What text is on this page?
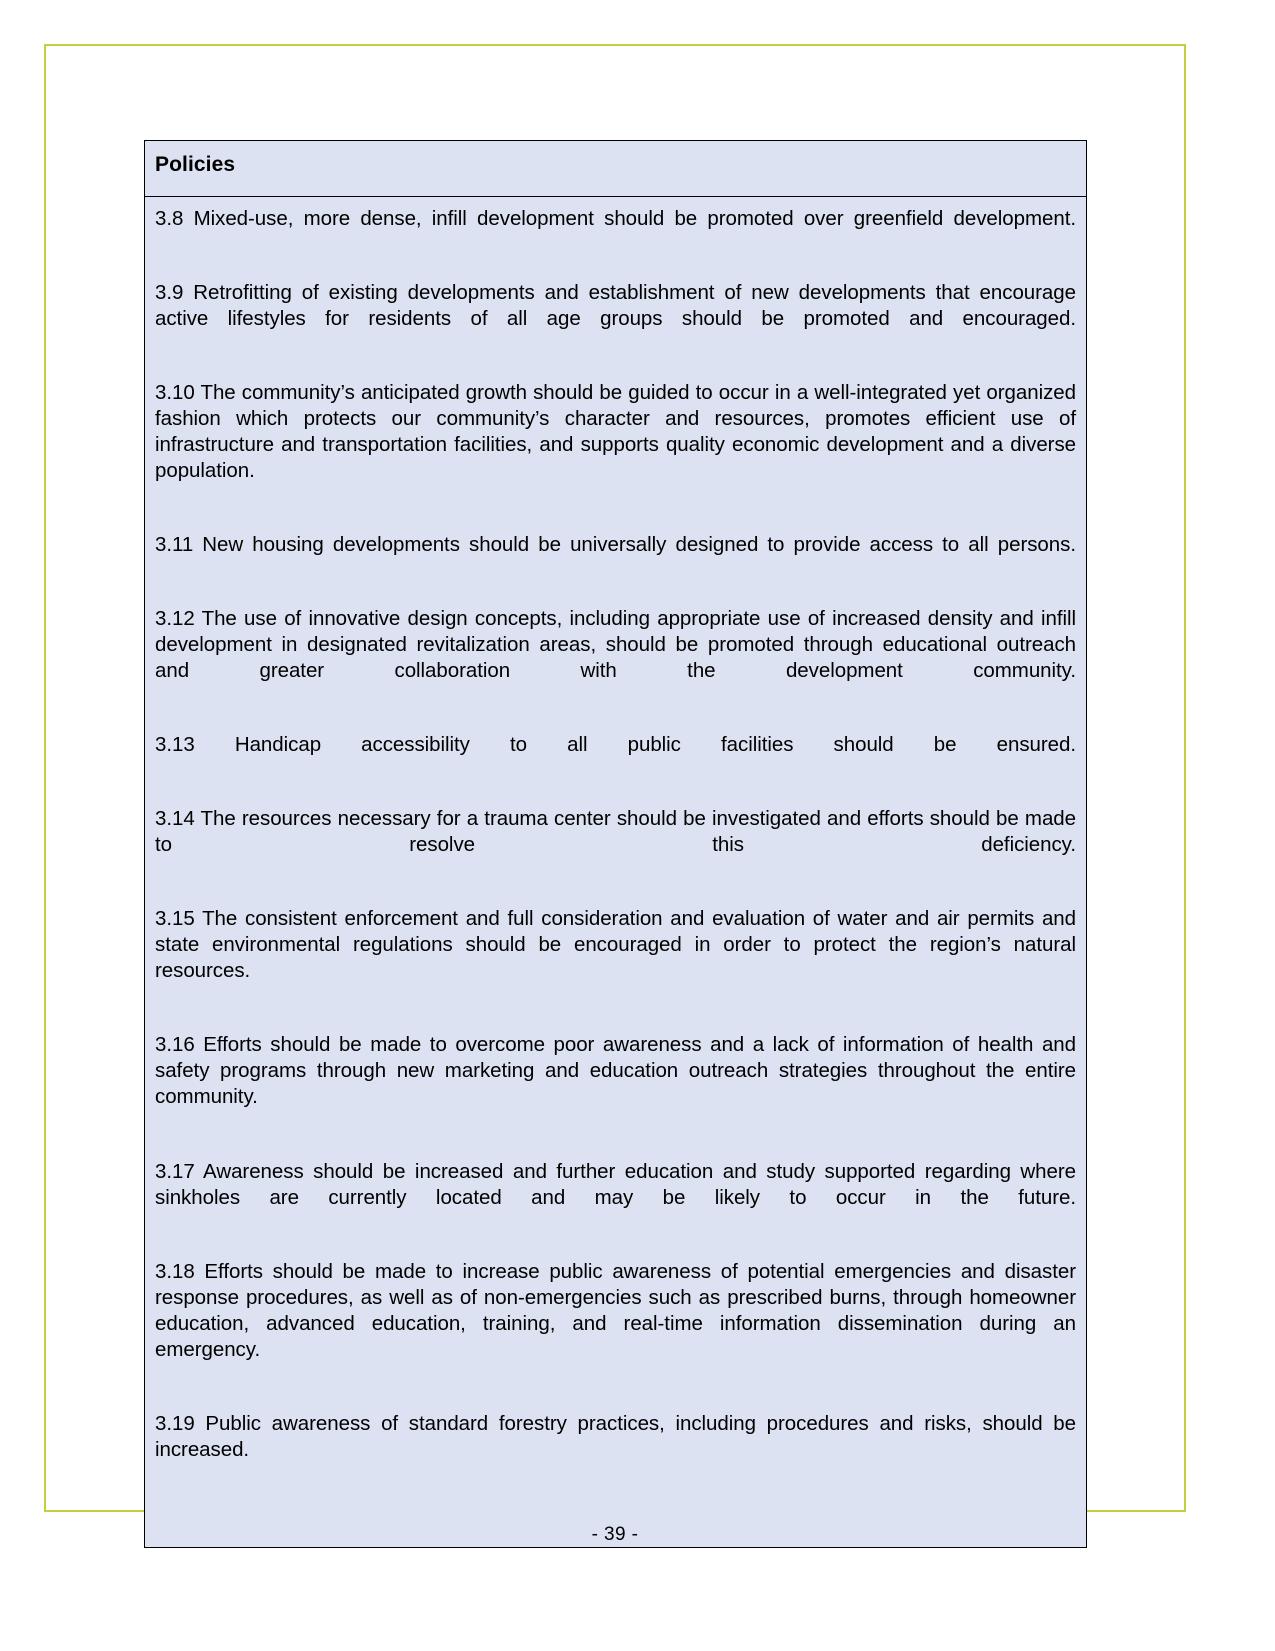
Policies

3.8 Mixed-use, more dense, infill development should be promoted over greenfield development.

3.9 Retrofitting of existing developments and establishment of new developments that encourage active lifestyles for residents of all age groups should be promoted and encouraged.

3.10 The community’s anticipated growth should be guided to occur in a well-integrated yet organized fashion which protects our community’s character and resources, promotes efficient use of infrastructure and transportation facilities, and supports quality economic development and a diverse population.

3.11 New housing developments should be universally designed to provide access to all persons.

3.12 The use of innovative design concepts, including appropriate use of increased density and infill development in designated revitalization areas, should be promoted through educational outreach and greater collaboration with the development community.

3.13 Handicap accessibility to all public facilities should be ensured.

3.14 The resources necessary for a trauma center should be investigated and efforts should be made to resolve this deficiency.

3.15 The consistent enforcement and full consideration and evaluation of water and air permits and state environmental regulations should be encouraged in order to protect the region’s natural resources.

3.16 Efforts should be made to overcome poor awareness and a lack of information of health and safety programs through new marketing and education outreach strategies throughout the entire community.

3.17 Awareness should be increased and further education and study supported regarding where sinkholes are currently located and may be likely to occur in the future.

3.18 Efforts should be made to increase public awareness of potential emergencies and disaster response procedures, as well as of non-emergencies such as prescribed burns, through homeowner education, advanced education, training, and real-time information dissemination during an emergency.

3.19 Public awareness of standard forestry practices, including procedures and risks, should be increased.

- 39 -
